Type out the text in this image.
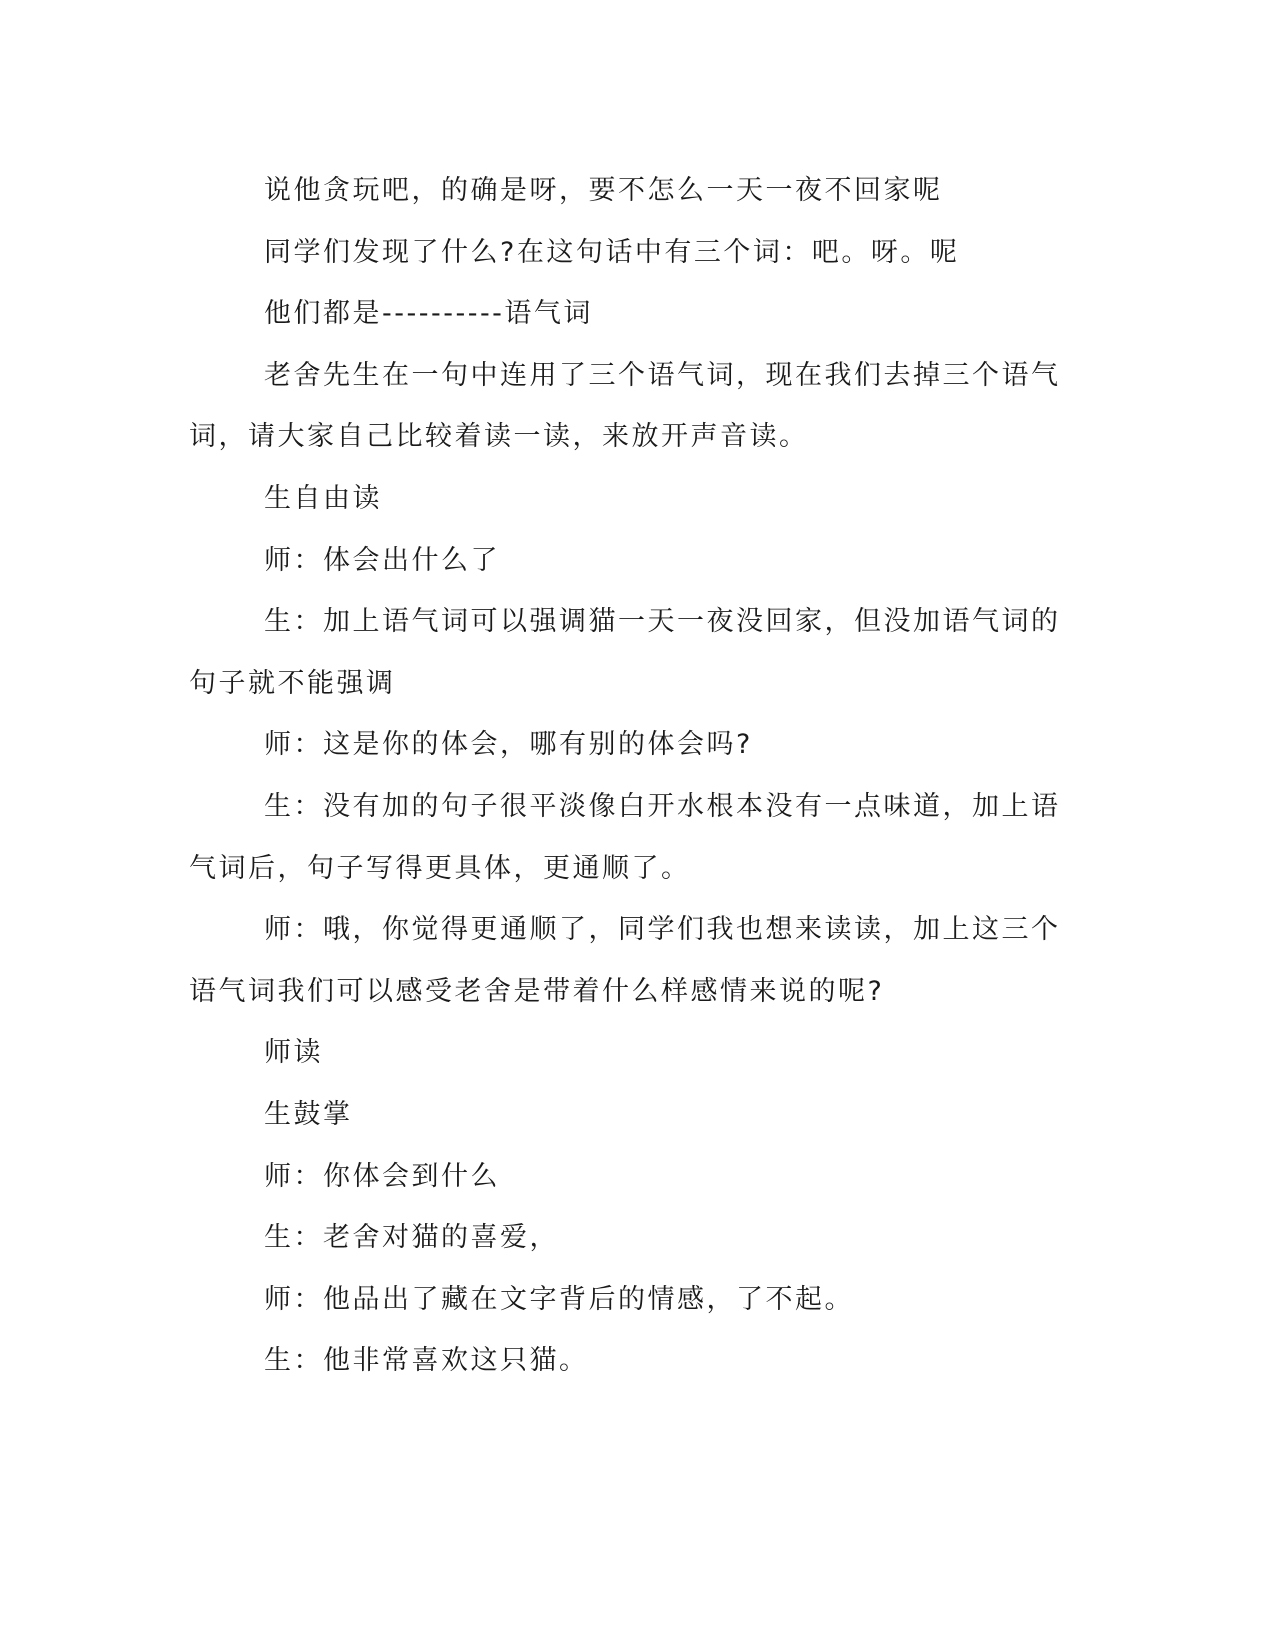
说他贪玩吧，的确是呀，要不怎么一天一夜不回家呢

同学们发现了什么?在这句话中有三个词：吧。呀。呢

他们都是----------语气词

老舍先生在一句中连用了三个语气词，现在我们去掉三个语气词，请大家自己比较着读一读，来放开声音读。

生自由读

师：体会出什么了

生：加上语气词可以强调猫一天一夜没回家，但没加语气词的句子就不能强调

师：这是你的体会，哪有别的体会吗?

生：没有加的句子很平淡像白开水根本没有一点味道，加上语气词后，句子写得更具体，更通顺了。

师：哦，你觉得更通顺了，同学们我也想来读读，加上这三个语气词我们可以感受老舍是带着什么样感情来说的呢?

师读

生鼓掌

师：你体会到什么

生：老舍对猫的喜爱，

师：他品出了藏在文字背后的情感，了不起。

生：他非常喜欢这只猫。
